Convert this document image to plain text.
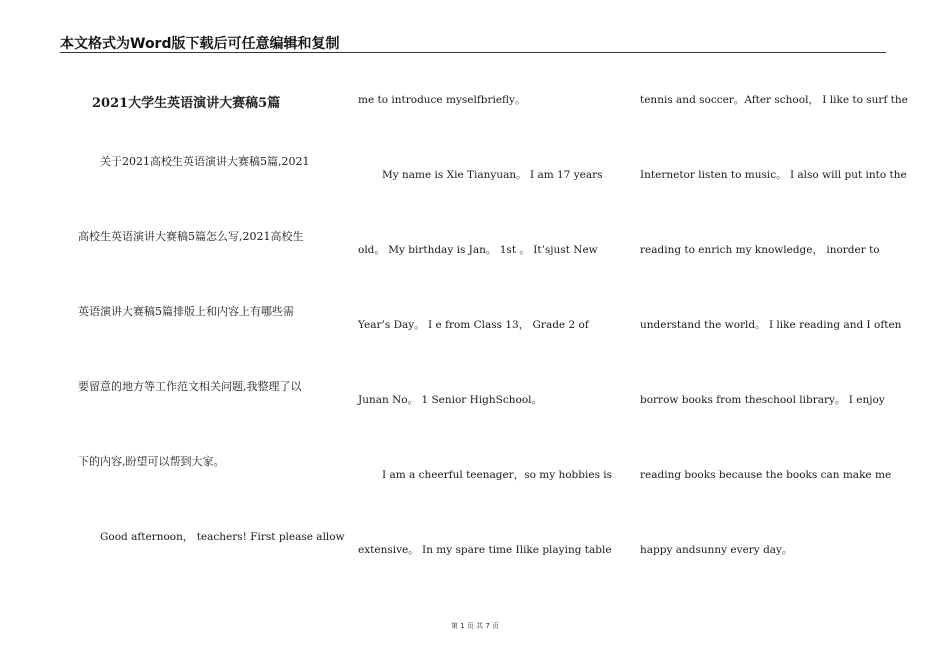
本文格式为Word版下载后可任意编辑和复制
2021大学生英语演讲大赛稿5篇
关于2021高校生英语演讲大赛稿5篇,2021
高校生英语演讲大赛稿5篇怎么写,2021高校生
英语演讲大赛稿5篇排版上和内容上有哪些需
要留意的地方等工作范文相关问题,我整理了以
下的内容,盼望可以帮到大家。
Good afternoon， teachers! First please allow
me to introduce myselfbriefly。
My name is Xie Tianyuan。 I am 17 years
old。 My birthday is Jan。 1st 。 It’sjust New
Year’s Day。 I e from Class 13， Grade 2 of
Junan No。 1 Senior HighSchool。
I am a cheerful teenager，so my hobbies is
extensive。 In my spare time Ilike playing table
tennis and soccer。After school， I like to surf the
Internetor listen to music。 I also will put into the
reading to enrich my knowledge， inorder to
understand the world。 I like reading and I often
borrow books from theschool library。 I enjoy
reading books because the books can make me
happy andsunny every day。
第 1 页 共 7 页
